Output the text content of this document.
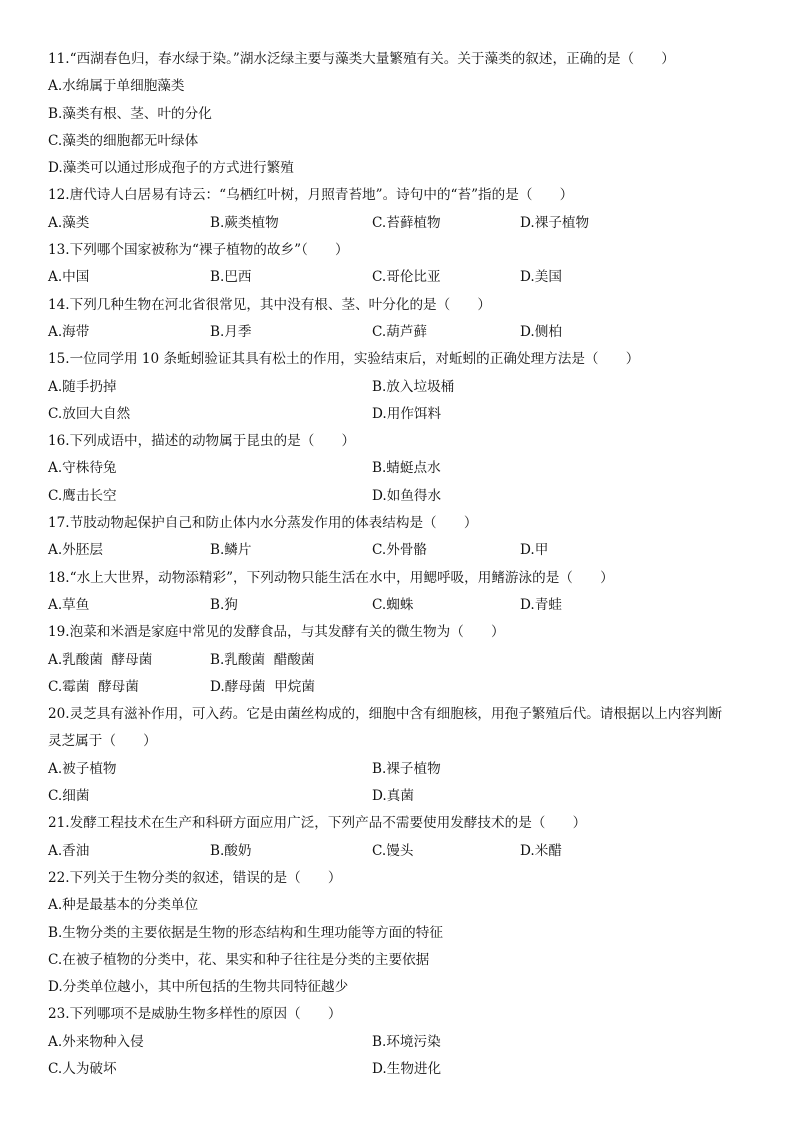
11.“西湖春色归，春水绿于染。”湖水泛绿主要与藻类大量繁殖有关。关于藻类的叙述，正确的是（　　）
A.水绵属于单细胞藻类
B.藻类有根、茎、叶的分化
C.藻类的细胞都无叶绿体
D.藻类可以通过形成孢子的方式进行繁殖
12.唐代诗人白居易有诗云：“乌栖红叶树，月照青苔地”。诗句中的“苔”指的是（　　）
A.藻类	B.蕨类植物	C.苔藓植物	D.裸子植物
13.下列哪个国家被称为“裸子植物的故乡”（　　）
A.中国	B.巴西	C.哥伦比亚	D.美国
14.下列几种生物在河北省很常见，其中没有根、茎、叶分化的是（　　）
A.海带	B.月季	C.葫芦藓	D.侧柏
15.一位同学用 10 条蚯蚓验证其具有松土的作用，实验结束后，对蚯蚓的正确处理方法是（　　）
A.随手扔掉	B.放入垃圾桶
C.放回大自然	D.用作饵料
16.下列成语中，描述的动物属于昆虫的是（　　）
A.守株待兔	B.蜻蜓点水
C.鹰击长空	D.如鱼得水
17.节肢动物起保护自己和防止体内水分蒸发作用的体表结构是（　　）
A.外胚层	B.鳞片	C.外骨骼	D.甲
18.“水上大世界，动物添精彩”，下列动物只能生活在水中，用鳃呼吸，用鳍游泳的是（　　）
A.草鱼	B.狗	C.蜘蛛	D.青蛙
19.泡菜和米酒是家庭中常见的发酵食品，与其发酵有关的微生物为（　　）
A.乳酸菌  酵母菌	B.乳酸菌  醋酸菌
C.霉菌  酵母菌	D.酵母菌  甲烷菌
20.灵芝具有滋补作用，可入药。它是由菌丝构成的，细胞中含有细胞核，用孢子繁殖后代。请根据以上内容判断
灵芝属于（　　）
A.被子植物	B.裸子植物
C.细菌	D.真菌
21.发酵工程技术在生产和科研方面应用广泛，下列产品不需要使用发酵技术的是（　　）
A.香油	B.酸奶	C.馒头	D.米醋
22.下列关于生物分类的叙述，错误的是（　　）
A.种是最基本的分类单位
B.生物分类的主要依据是生物的形态结构和生理功能等方面的特征
C.在被子植物的分类中，花、果实和种子往往是分类的主要依据
D.分类单位越小，其中所包括的生物共同特征越少
23.下列哪项不是威胁生物多样性的原因（　　）
A.外来物种入侵	B.环境污染
C.人为破坏	D.生物进化
